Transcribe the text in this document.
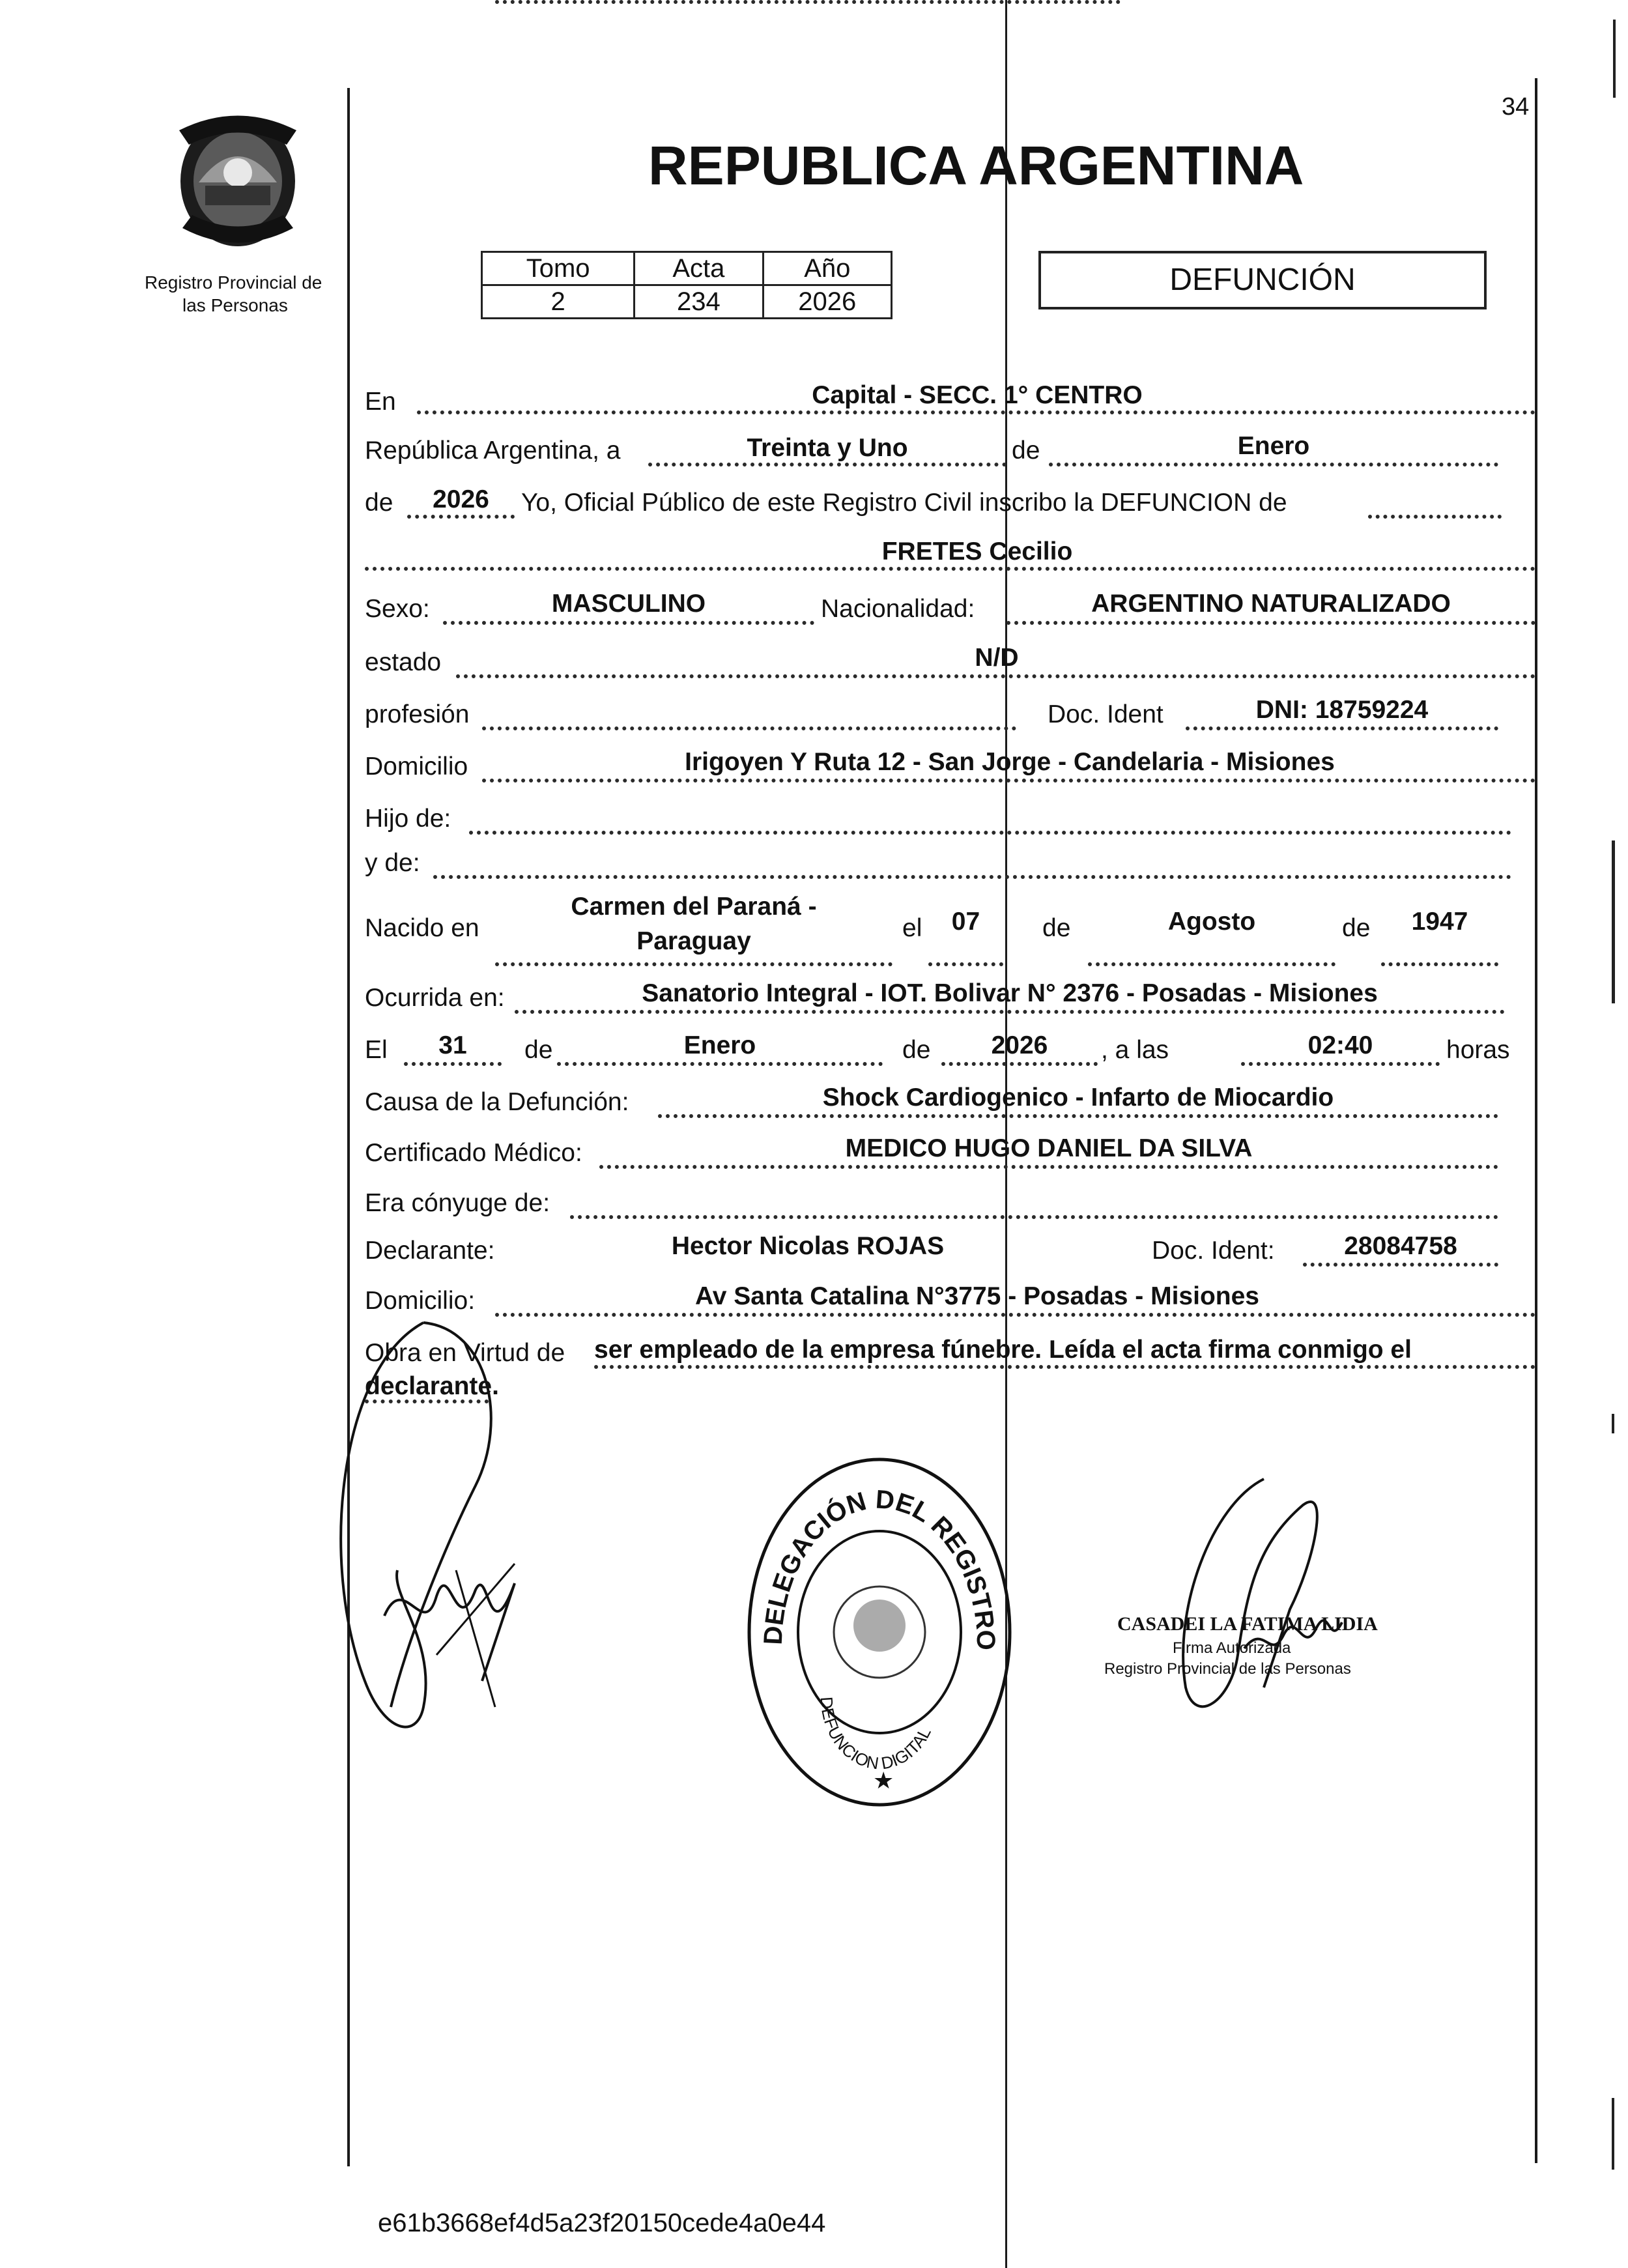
34
Registro Provincial de
las Personas
REPUBLICA ARGENTINA
Tomo	Acta	Año
2	234	2026
DEFUNCIÓN
En	Capital - SECC. 1° CENTRO
República Argentina, a	Treinta y Uno	de	Enero
de	2026	Yo, Oficial Público de este Registro Civil inscribo la DEFUNCION de
FRETES Cecilio
Sexo:	MASCULINO	Nacionalidad:	ARGENTINO NATURALIZADO
estado	N/D
profesión	Doc. Ident	DNI: 18759224
Domicilio	Irigoyen Y Ruta 12 - San Jorge - Candelaria - Misiones
Hijo de:
y de:
Nacido en
Carmen del Paraná -
Paraguay	el	07	de	Agosto	de	1947
Ocurrida en:	Sanatorio Integral - IOT. Bolivar N° 2376 - Posadas - Misiones
El	31	de	Enero	de	2026	, a las	02:40	horas
Causa de la Defunción:	Shock Cardiogenico - Infarto de Miocardio
Certificado Médico:	MEDICO HUGO DANIEL DA SILVA
Era cónyuge de:
Declarante:	Hector Nicolas ROJAS	Doc. Ident:	28084758
Domicilio:	Av Santa Catalina N°3775 - Posadas - Misiones
Obra en Virtud de ser empleado de la empresa fúnebre. Leída el acta firma conmigo el
declarante.
DELEGACIÓN DEL REGISTRO
DEFUNCION DIGITAL
★
CASADEI LA FATIMA LIDIA
Firma Autorizada
Registro Provincial de las Personas
e61b3668ef4d5a23f20150cede4a0e44
